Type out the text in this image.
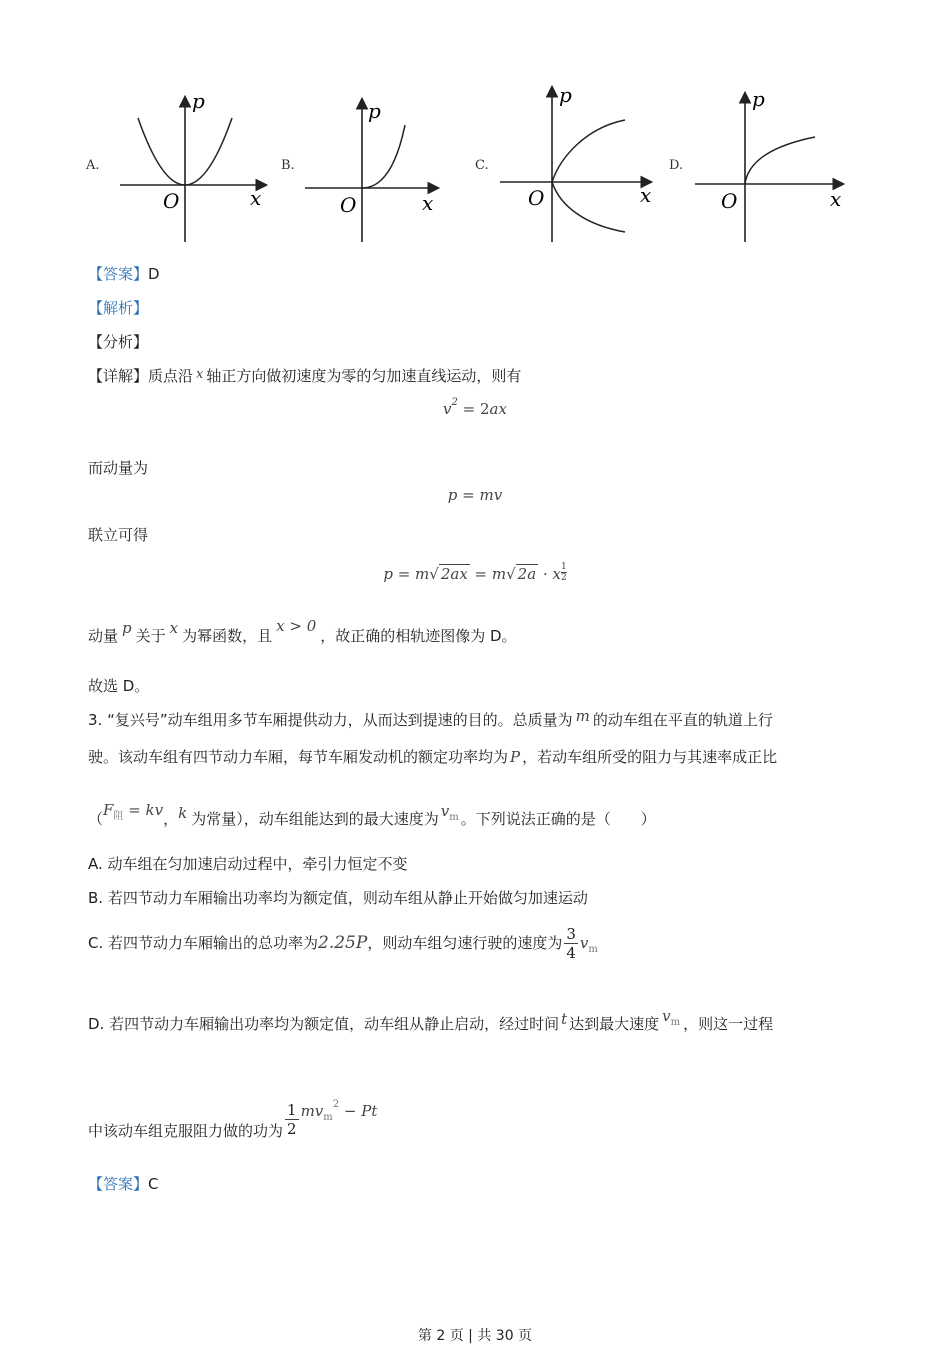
A.
p
x
O
B.
p
x
O
C.
p
x
O
D.
p
x
O
【答案】D
【解析】
【分析】
【详解】质点沿 x 轴正方向做初速度为零的匀加速直线运动，则有
$v^2 = 2ax$
而动量为
p = mv
联立可得
p = m√ 2ax = m√ 2a · x $\frac{1}{2}$
动量 p 关于 x 为幂函数，且x > 0，故正确的相轨迹图像为 D。
故选 D。
3. “复兴号”动车组用多节车厢提供动力，从而达到提速的目的。总质量为 m 的动车组在平直的轨道上行
驶。该动车组有四节动力车厢，每节车厢发动机的额定功率均为 P ，若动车组所受的阻力与其速率成正比
（$F_阻$ = kv，k 为常量），动车组能达到的最大速度为 $v_m$ 。下列说法正确的是（　　）
A. 动车组在匀加速启动过程中，牵引力恒定不变
B. 若四节动力车厢输出功率均为额定值，则动车组从静止开始做匀加速运动
C. 若四节动力车厢输出的总功率为2.25P，则动车组匀速行驶的速度为 $\frac{3}{4} v_m$
D. 若四节动力车厢输出功率均为额定值，动车组从静止启动，经过时间 t 达到最大速度 $v_m$ ，则这一过程
中该动车组克服阻力做的功为 $\frac{1}{2} mv_m^2 - Pt$
【答案】C
第 2 页 | 共 30 页
